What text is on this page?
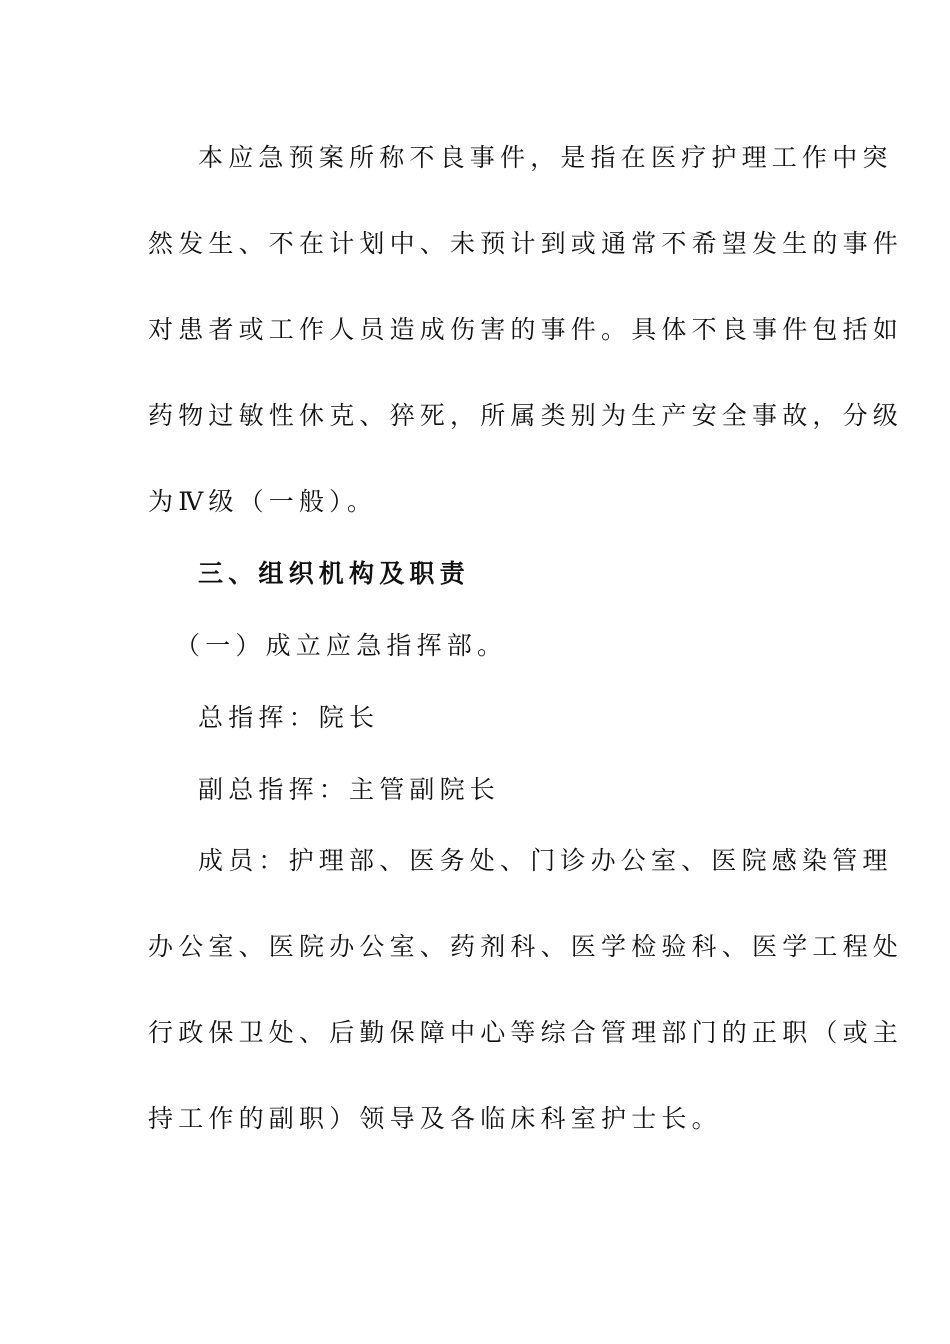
本应急预案所称不良事件，是指在医疗护理工作中突
然发生、不在计划中、未预计到或通常不希望发生的事件
对患者或工作人员造成伤害的事件。具体不良事件包括如
药物过敏性休克、猝死，所属类别为生产安全事故，分级
为Ⅳ级（一般）。
三、组织机构及职责
（一）成立应急指挥部。
总指挥：院长
副总指挥：主管副院长
成员：护理部、医务处、门诊办公室、医院感染管理
办公室、医院办公室、药剂科、医学检验科、医学工程处
行政保卫处、后勤保障中心等综合管理部门的正职（或主
持工作的副职）领导及各临床科室护士长。
